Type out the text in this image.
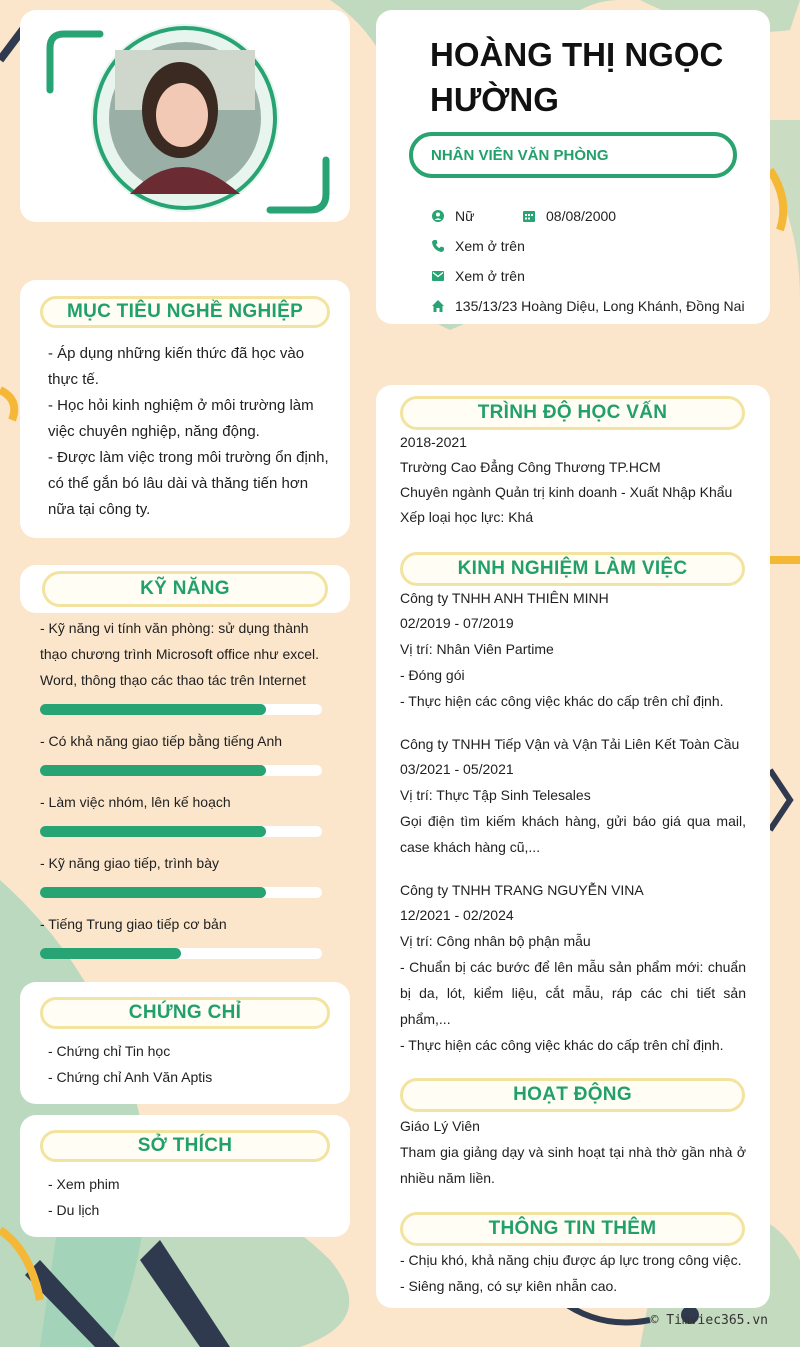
HOÀNG THỊ NGỌC HƯỜNG
NHÂN VIÊN VĂN PHÒNG
Nữ	08/08/2000
Xem ở trên
Xem ở trên
135/13/23 Hoàng Diệu, Long Khánh, Đồng Nai
MỤC TIÊU NGHỀ NGHIỆP

- Áp dụng những kiến thức đã học vào thực tế.

- Học hỏi kinh nghiệm ở môi trường làm việc chuyên nghiệp, năng động.

- Được làm việc trong môi trường ổn định, có thể gắn bó lâu dài và thăng tiến hơn nữa tại công ty.

KỸ NĂNG
- Kỹ năng vi tính văn phòng: sử dụng thành thạo chương trình Microsoft office như excel. Word, thông thạo các thao tác trên Internet
- Có khả năng giao tiếp bằng tiếng Anh
- Làm việc nhóm, lên kế hoạch
- Kỹ năng giao tiếp, trình bày
- Tiếng Trung giao tiếp cơ bản
CHỨNG CHỈ

- Chứng chỉ Tin học

- Chứng chỉ Anh Văn Aptis

SỞ THÍCH

- Xem phim

- Du lịch

TRÌNH ĐỘ HỌC VẤN

2018-2021

Trường Cao Đẳng Công Thương TP.HCM

Chuyên ngành Quản trị kinh doanh - Xuất Nhập Khẩu

Xếp loại học lực: Khá

KINH NGHIỆM LÀM VIỆC

Công ty TNHH ANH THIÊN MINH

02/2019 - 07/2019

Vị trí: Nhân Viên Partime

- Đóng gói

- Thực hiện các công việc khác do cấp trên chỉ định.

Công ty TNHH Tiếp Vận và Vận Tải Liên Kết Toàn Cầu

03/2021 - 05/2021

Vị trí: Thực Tập Sinh Telesales

Gọi điện tìm kiếm khách hàng, gửi báo giá qua mail, case khách hàng cũ,...

Công ty TNHH TRANG NGUYỄN VINA

12/2021 - 02/2024

Vị trí: Công nhân bộ phận mẫu

- Chuẩn bị các bước để lên mẫu sản phẩm mới: chuẩn bị da, lót, kiểm liệu, cắt mẫu, ráp các chi tiết sản phẩm,...

- Thực hiện các công việc khác do cấp trên chỉ định.

HOẠT ĐỘNG

Giáo Lý Viên

Tham gia giảng dạy và sinh hoạt tại nhà thờ gần nhà ở nhiều năm liền.

THÔNG TIN THÊM

- Chịu khó, khả năng chịu được áp lực trong công việc.

- Siêng năng, có sự kiên nhẫn cao.

© Timviec365.vn
